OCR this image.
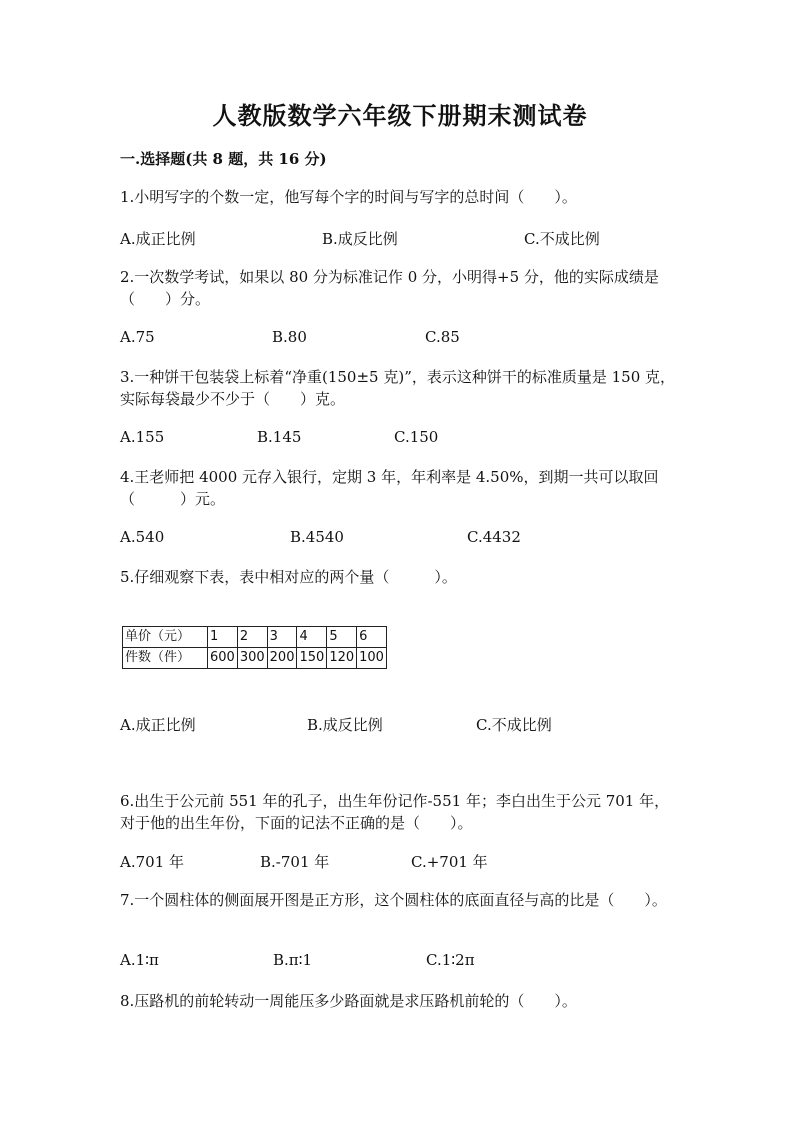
人教版数学六年级下册期末测试卷
一.选择题(共 8 题，共 16 分)
1.小明写字的个数一定，他写每个字的时间与写字的总时间（　　）。
A.成正比例	B.成反比例	C.不成比例
2.一次数学考试，如果以 80 分为标准记作 0 分，小明得+5 分，他的实际成绩是（　　）分。
A.75	B.80	C.85
3.一种饼干包装袋上标着“净重(150±5 克)”，表示这种饼干的标准质量是 150 克，实际每袋最少不少于（　　）克。
A.155	B.145	C.150
4.王老师把 4000 元存入银行，定期 3 年，年利率是 4.50%，到期一共可以取回（　　　）元。
A.540	B.4540	C.4432
5.仔细观察下表，表中相对应的两个量（　　　）。
单价（元）	1	2	3	4	5	6
件数（件）	600	300	200	150	120	100
A.成正比例	B.成反比例	C.不成比例
6.出生于公元前 551 年的孔子，出生年份记作-551 年；李白出生于公元 701 年，对于他的出生年份，下面的记法不正确的是（　　）。
A.701 年	B.-701 年	C.+701 年
7.一个圆柱体的侧面展开图是正方形，这个圆柱体的底面直径与高的比是（　　）。
A.1∶π	B.π∶1	C.1∶2π
8.压路机的前轮转动一周能压多少路面就是求压路机前轮的（　　）。
